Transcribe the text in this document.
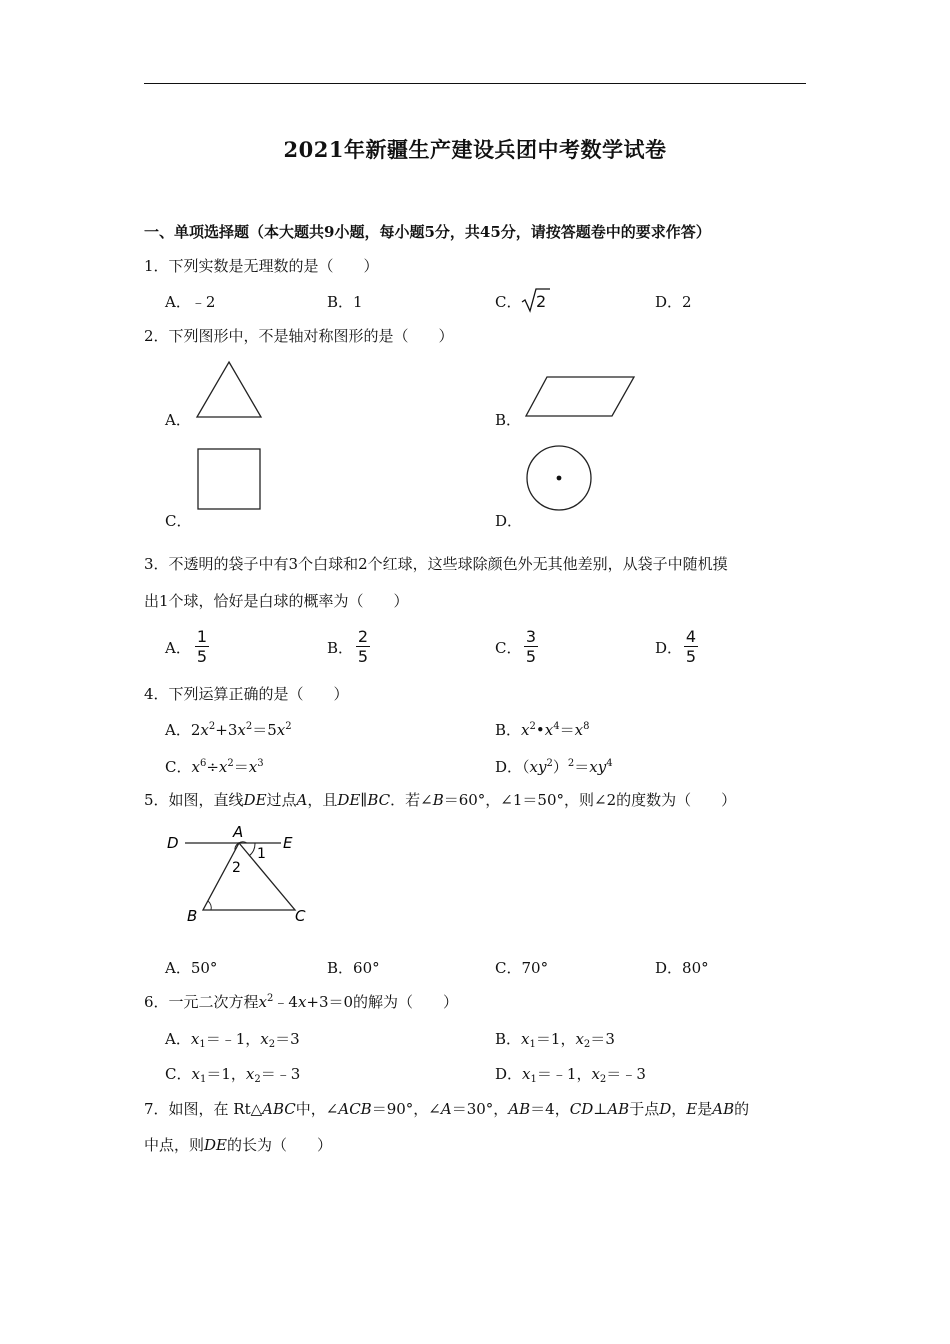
2021年新疆生产建设兵团中考数学试卷
一、单项选择题（本大题共9小题，每小题5分，共45分，请按答题卷中的要求作答）
1．下列实数是无理数的是（　　）
A．﹣2	B．1	C． 2	D．2
2．下列图形中，不是轴对称图形的是（　　）
A．	B．
C．	D．
3．不透明的袋子中有3个白球和2个红球，这些球除颜色外无其他差别，从袋子中随机摸
出1个球，恰好是白球的概率为（　　）
A．
1
5	B．
2
5	C．
3
5	D．
4
5
4．下列运算正确的是（　　）
A．$2x^2+3x^2=5x^2$	B．$x^2•x^4=x^8$
C．$x^6\div x^2=x^3$	D．$(xy^2)^2=xy^4$
5．如图，直线DE过点A，且DE∥BC．若∠B＝60°，∠1＝50°，则∠2的度数为（　　）
D
A
E
B	C
1
2
A．50°	B．60°	C．70°	D．80°
6．一元二次方程$x^2﹣4x+3=0$的解为（　　）
A．$x_1=﹣1$，$x_2=3$	B．$x_1=1$，$x_2=3$
C．$x_1=1$，$x_2=﹣3$	D．$x_1=﹣1$，$x_2=﹣3$
7．如图，在 Rt△ABC中，∠ACB＝90°，∠A＝30°，AB＝4，CD⊥AB于点D，E是AB的
中点，则DE的长为（　　）
